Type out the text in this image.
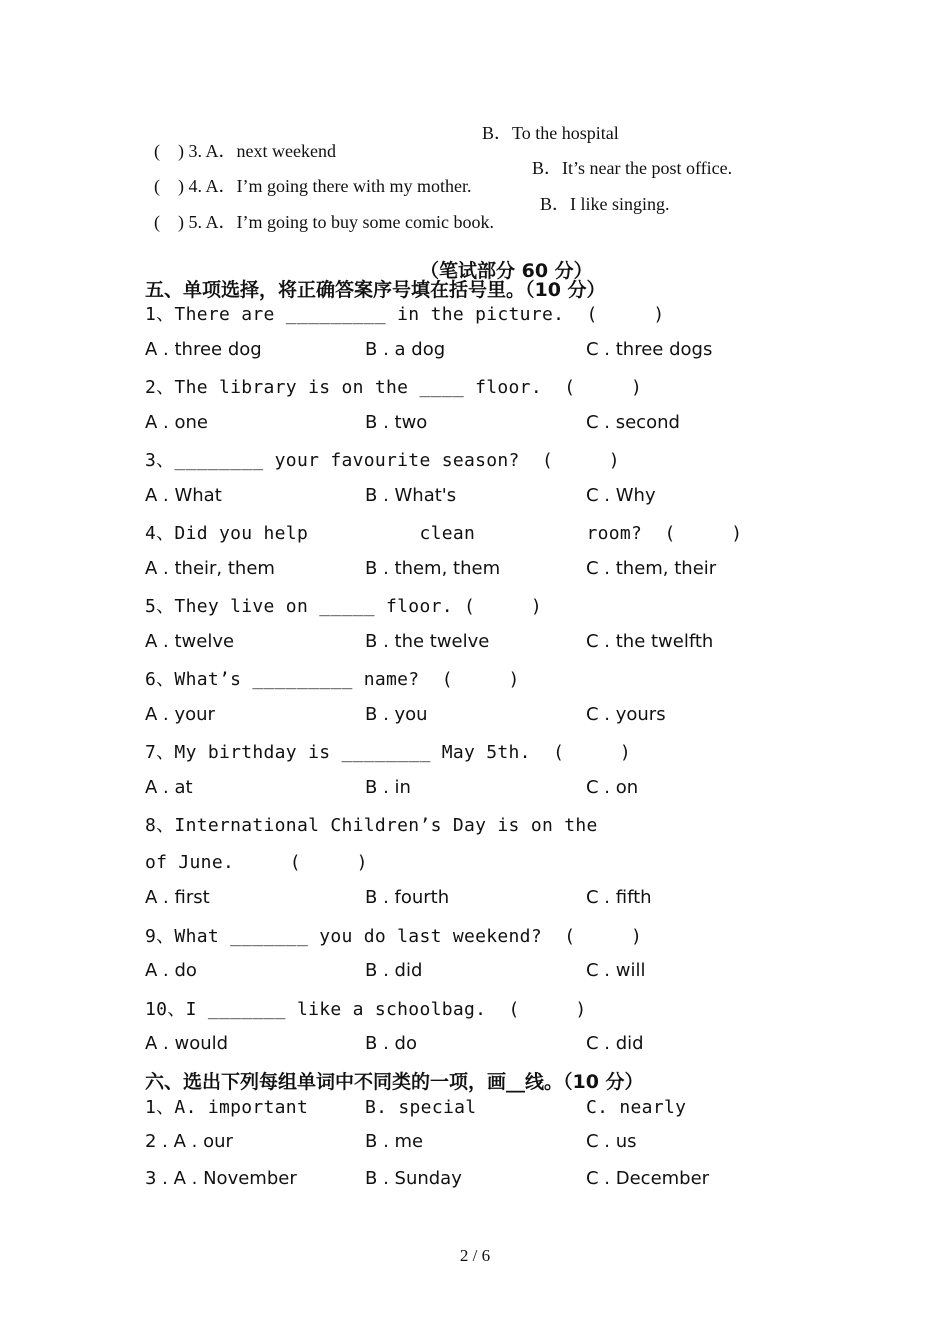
(    ) 3. A．next weekend

B．To the hospital

(    ) 4. A．I’m going there with my mother.

B．It’s near the post office.

(    ) 5. A．I’m going to buy some comic book.

B．I like singing.

（笔试部分 60 分）
五、单项选择，将正确答案序号填在括号里。（10 分）
1、There are _________ in the picture.  (     )

A . three dog

	B . a dog

	C . three dogs

2、The library is on the ____ floor.  (     )

A . one

	B . two

	C . second

3、________ your favourite season?  (     )

A . What

	B . What's

	C . Why

4、Did you help          clean          room?  (     )

A . their, them

	B . them, them

	C . them, their

5、They live on _____ floor. (     )

A . twelve

	B . the twelve

	C . the twelfth

6、What’s _________ name?  (     )

A . your

	B . you

	C . yours

7、My birthday is ________ May 5th.  (     )

A . at

	B . in

	C . on

8、International Children’s Day is on the
of June.     (     )

A . first

	B . fourth

	C . fifth

9、What _______ you do last weekend?  (     )

A . do

	B . did

	C . will

10、I _______ like a schoolbag.  (     )

A . would

	B . do

	C . did

六、选出下列每组单词中不同类的一项，画__线。（10 分）

1、A. important

	B. special

	C. nearly

2 . A . our

	B . me

	C . us

3 . A . November

	B . Sunday

	C . December

2 / 6
